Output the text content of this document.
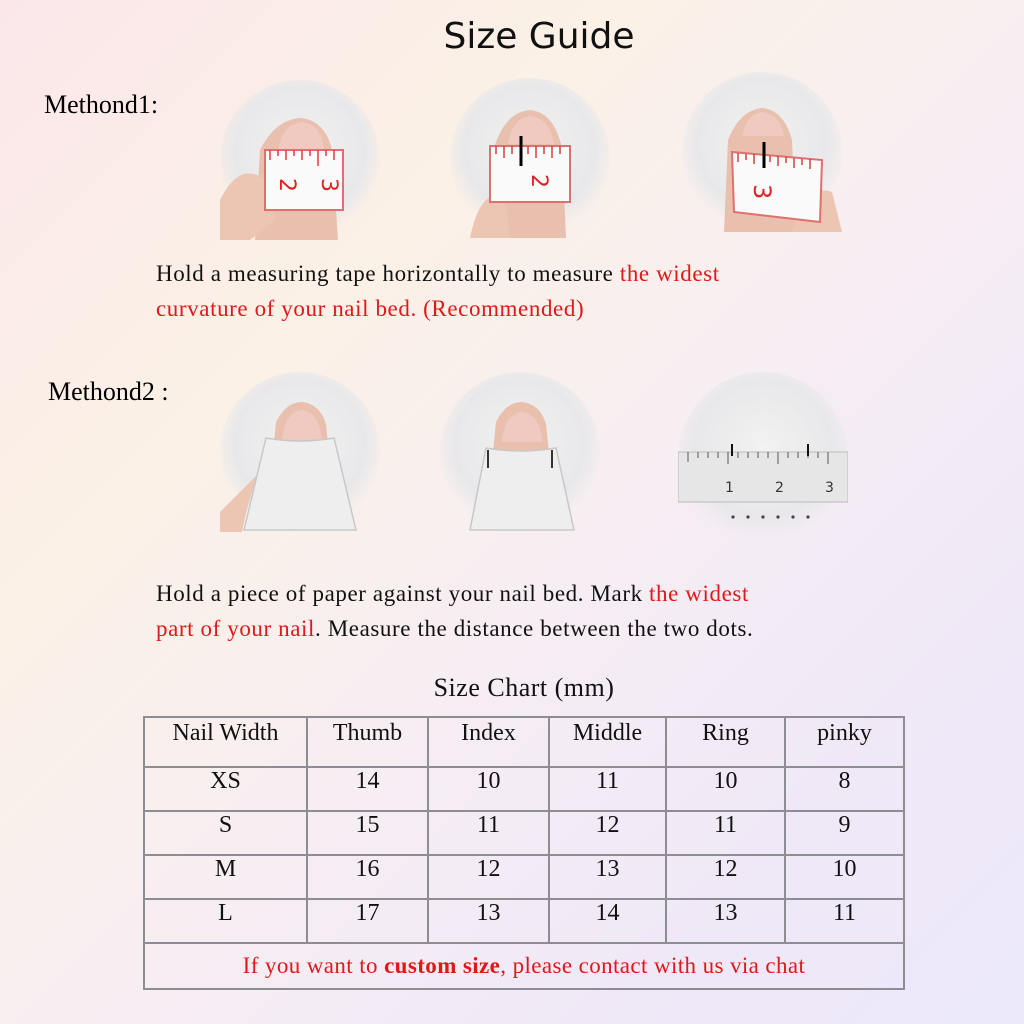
Size Guide
Methond1:
2 3	2
3
Hold a measuring tape horizontally to measure the widest
curvature of your nail bed. (Recommended)
Methond2 :
1	2	3
Hold a piece of paper against your nail bed. Mark the widest
part of your nail. Measure the distance between the two dots.
Size Chart (mm)
Nail Width	Thumb	Index	Middle	Ring	pinky
XS	14	10	11	10	8
S	15	11	12	11	9
M	16	12	13	12	10
L	17	13	14	13	11
If you want to custom size, please contact with us via chat					
